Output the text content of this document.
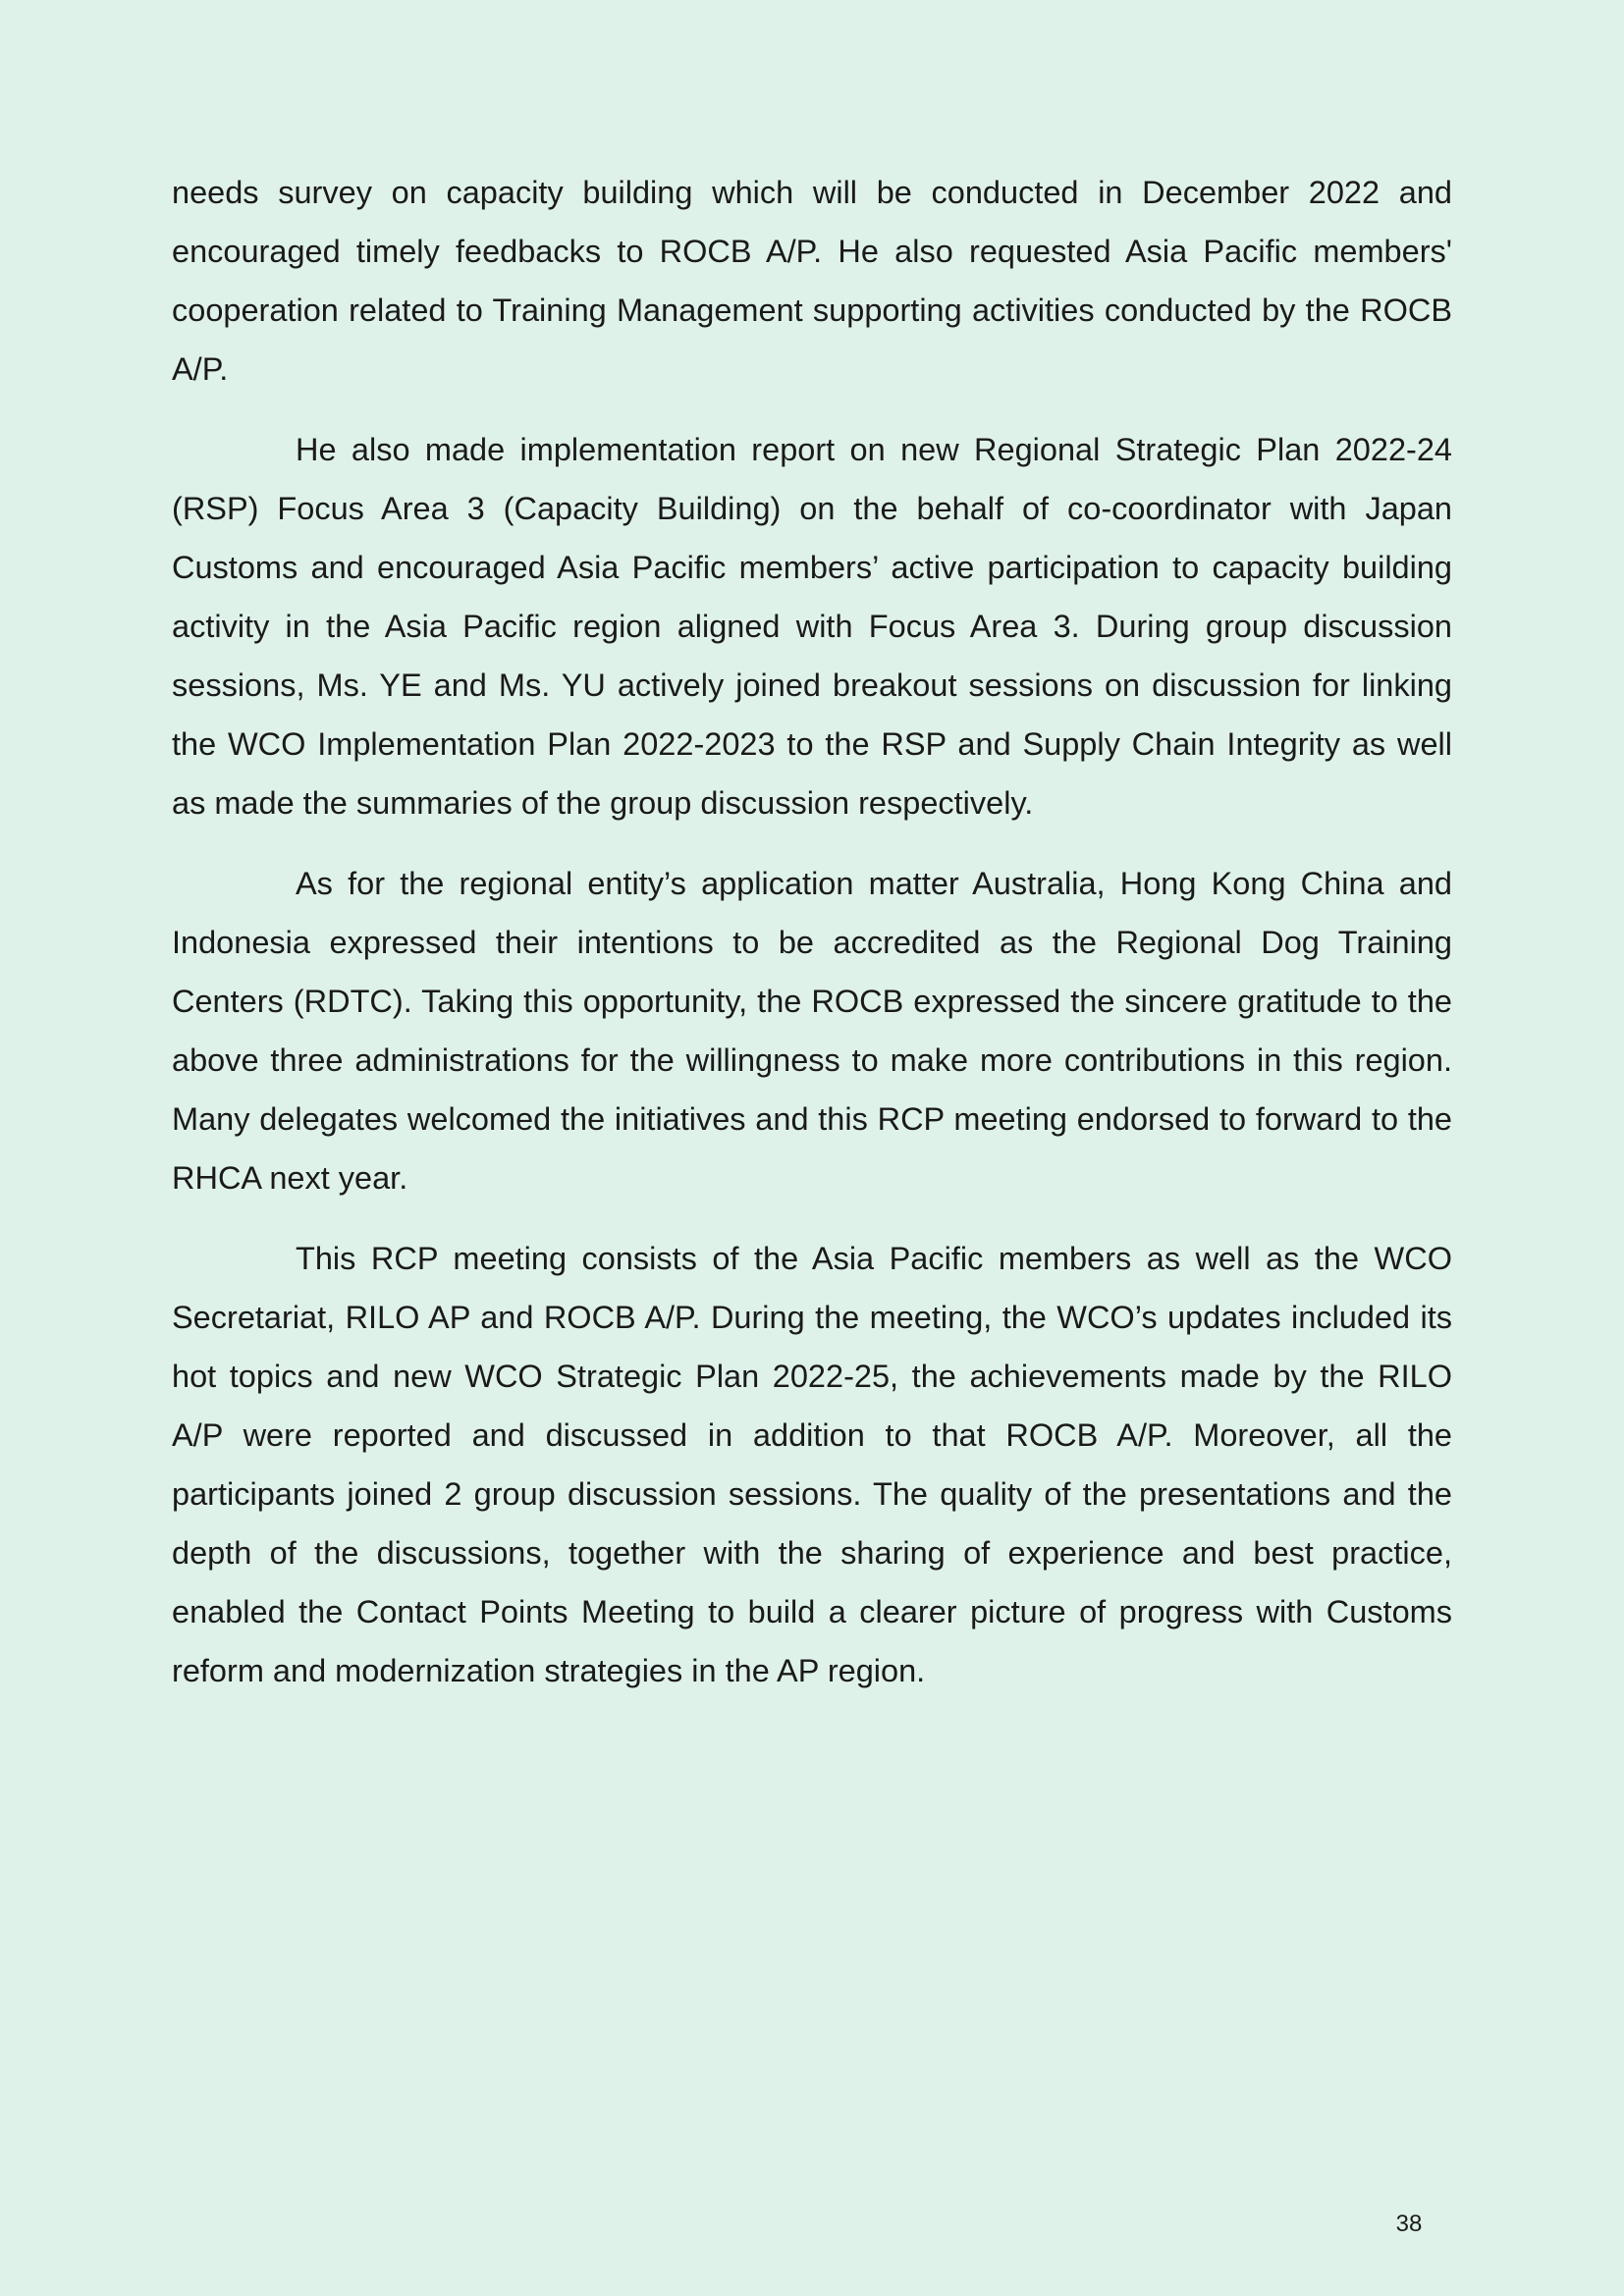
needs survey on capacity building which will be conducted in December 2022 and encouraged timely feedbacks to ROCB A/P. He also requested Asia Pacific members' cooperation related to Training Management supporting activities conducted by the ROCB A/P.

He also made implementation report on new Regional Strategic Plan 2022-24 (RSP) Focus Area 3 (Capacity Building) on the behalf of co-coordinator with Japan Customs and encouraged Asia Pacific members’ active participation to capacity building activity in the Asia Pacific region aligned with Focus Area 3. During group discussion sessions, Ms. YE and Ms. YU actively joined breakout sessions on discussion for linking the WCO Implementation Plan 2022-2023 to the RSP and Supply Chain Integrity as well as made the summaries of the group discussion respectively.

As for the regional entity’s application matter Australia, Hong Kong China and Indonesia expressed their intentions to be accredited as the Regional Dog Training Centers (RDTC). Taking this opportunity, the ROCB expressed the sincere gratitude to the above three administrations for the willingness to make more contributions in this region. Many delegates welcomed the initiatives and this RCP meeting endorsed to forward to the RHCA next year.

This RCP meeting consists of the Asia Pacific members as well as the WCO Secretariat, RILO AP and ROCB A/P. During the meeting, the WCO’s updates included its hot topics and new WCO Strategic Plan 2022-25, the achievements made by the RILO A/P were reported and discussed in addition to that ROCB A/P. Moreover, all the participants joined 2 group discussion sessions. The quality of the presentations and the depth of the discussions, together with the sharing of experience and best practice, enabled the Contact Points Meeting to build a clearer picture of progress with Customs reform and modernization strategies in the AP region.

38
